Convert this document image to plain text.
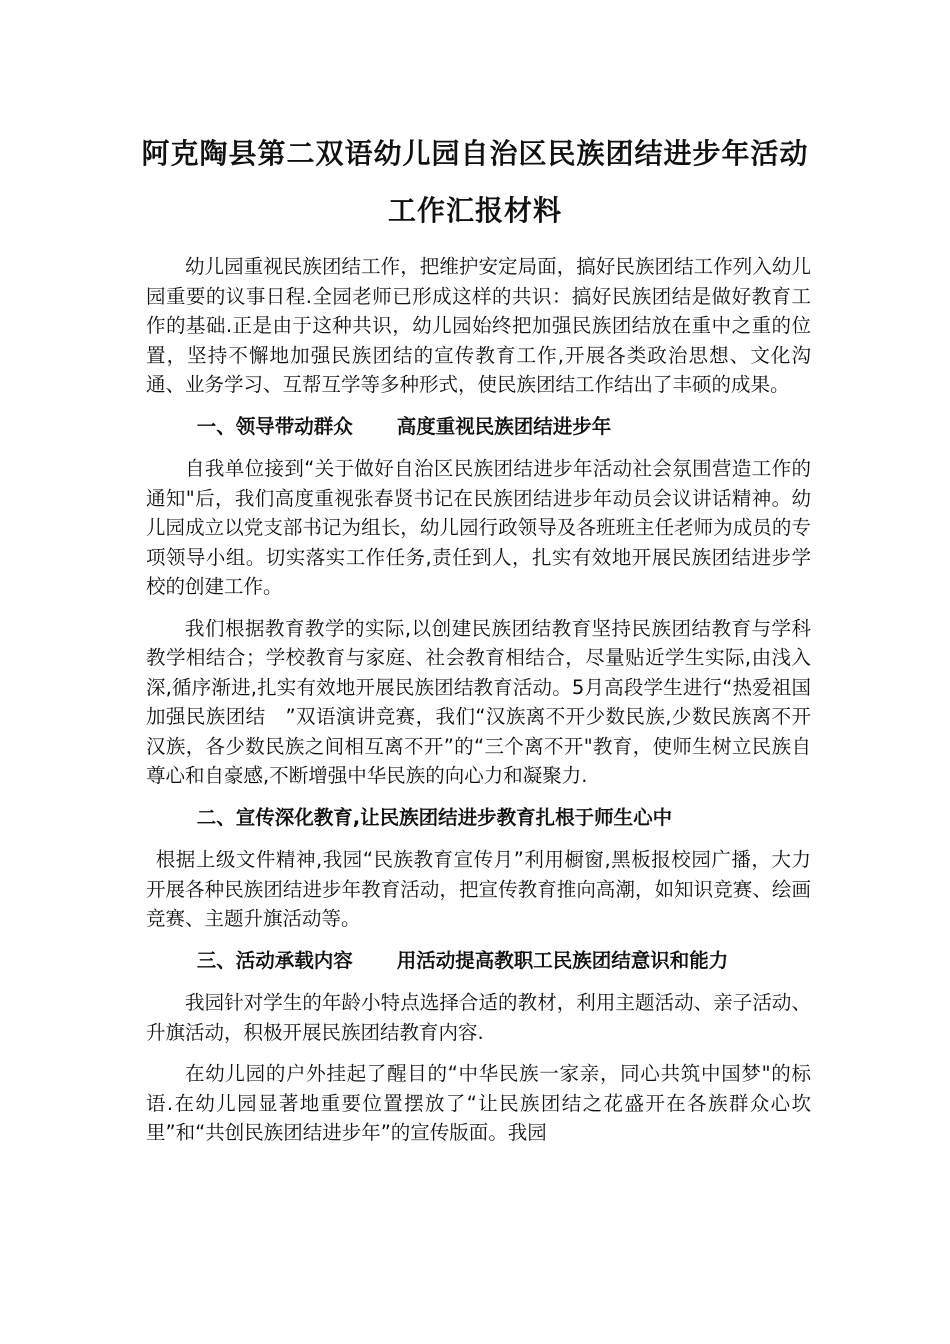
阿克陶县第二双语幼儿园自治区民族团结进步年活动
工作汇报材料

幼儿园重视民族团结工作，把维护安定局面，搞好民族团结工作列入幼儿园重要的议事日程.全园老师已形成这样的共识：搞好民族团结是做好教育工作的基础.正是由于这种共识，幼儿园始终把加强民族团结放在重中之重的位置，坚持不懈地加强民族团结的宣传教育工作,开展各类政治思想、文化沟通、业务学习、互帮互学等多种形式，使民族团结工作结出了丰硕的成果。

一、领导带动群众 高度重视民族团结进步年

自我单位接到“关于做好自治区民族团结进步年活动社会氛围营造工作的通知"后，我们高度重视张春贤书记在民族团结进步年动员会议讲话精神。幼儿园成立以党支部书记为组长，幼儿园行政领导及各班班主任老师为成员的专项领导小组。切实落实工作任务,责任到人，扎实有效地开展民族团结进步学校的创建工作。

我们根据教育教学的实际,以创建民族团结教育坚持民族团结教育与学科教学相结合；学校教育与家庭、社会教育相结合，尽量贴近学生实际,由浅入深,循序渐进,扎实有效地开展民族团结教育活动。5月高段学生进行“热爱祖国　加强民族团结　”双语演讲竞赛，我们“汉族离不开少数民族,少数民族离不开汉族，各少数民族之间相互离不开”的“三个离不开"教育，使师生树立民族自尊心和自豪感,不断增强中华民族的向心力和凝聚力.

二、宣传深化教育,让民族团结进步教育扎根于师生心中

根据上级文件精神,我园“民族教育宣传月”利用橱窗,黑板报校园广播，大力开展各种民族团结进步年教育活动，把宣传教育推向高潮，如知识竞赛、绘画竞赛、主题升旗活动等。

三、活动承载内容 用活动提高教职工民族团结意识和能力

我园针对学生的年龄小特点选择合适的教材，利用主题活动、亲子活动、升旗活动，积极开展民族团结教育内容.

在幼儿园的户外挂起了醒目的“中华民族一家亲，同心共筑中国梦"的标语.在幼儿园显著地重要位置摆放了“让民族团结之花盛开在各族群众心坎里”和“共创民族团结进步年”的宣传版面。我园
